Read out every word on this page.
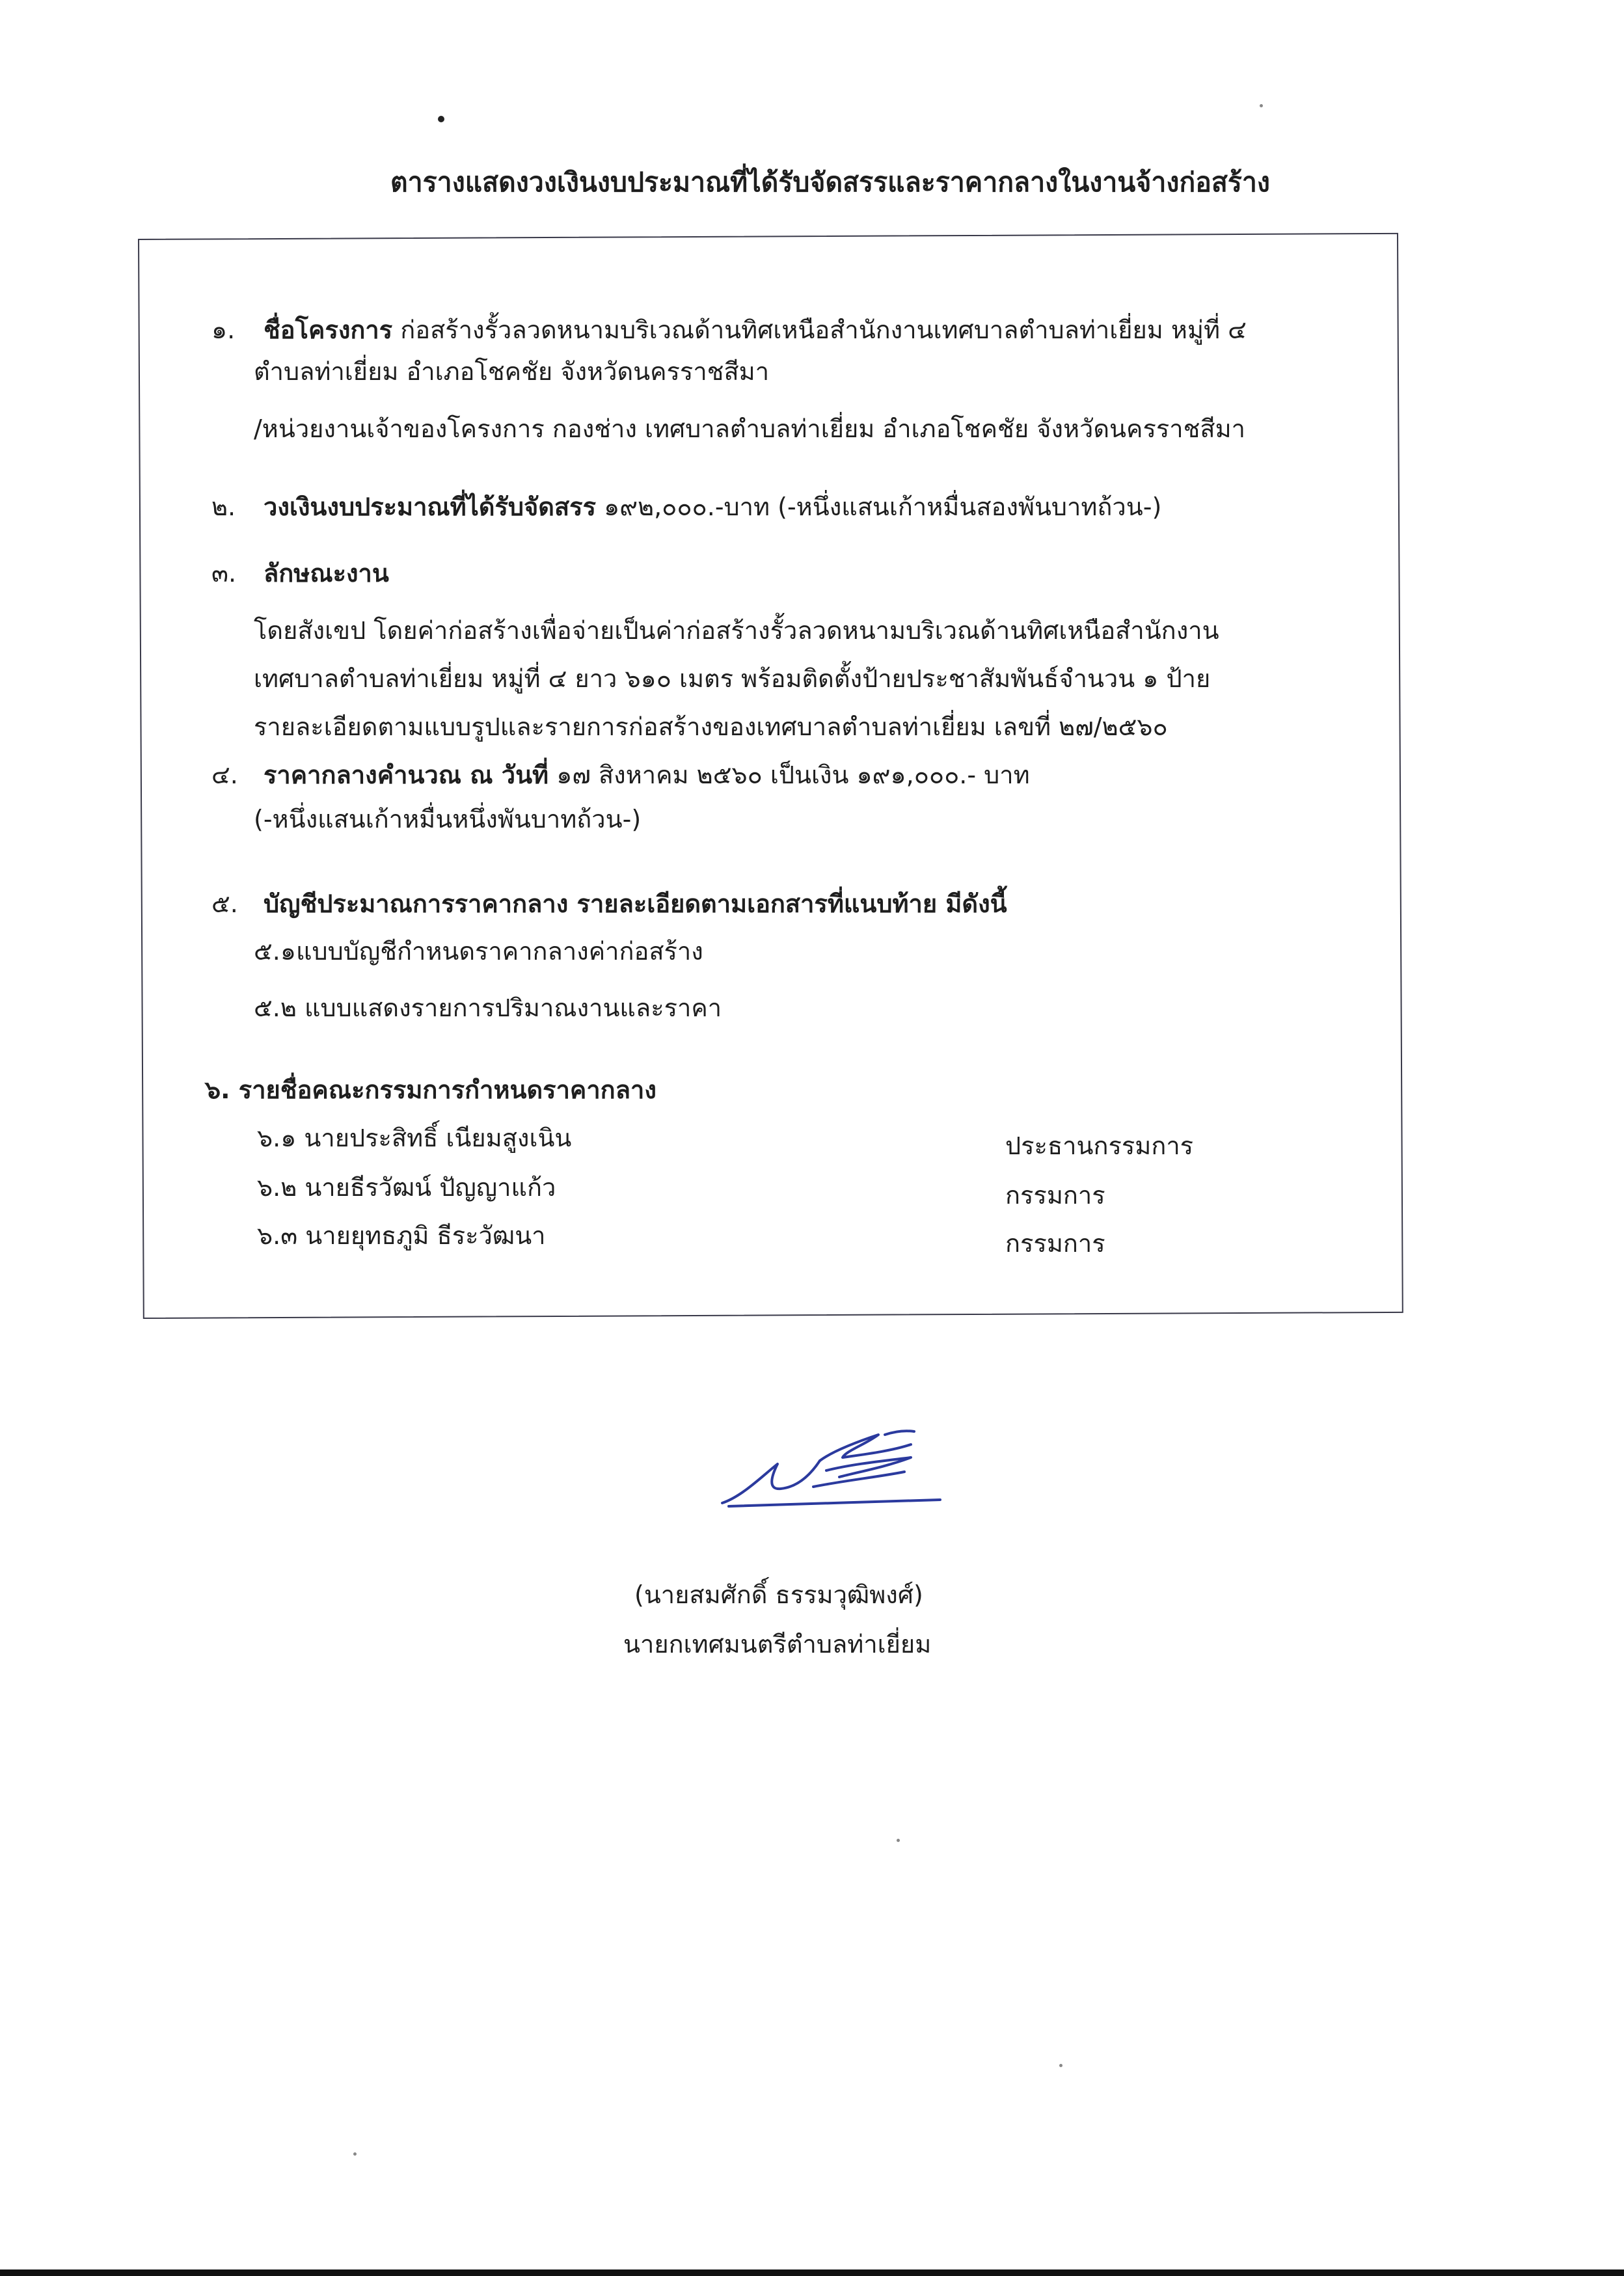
ตารางแสดงวงเงินงบประมาณที่ได้รับจัดสรรและราคากลางในงานจ้างก่อสร้าง
๑. ชื่อโครงการ ก่อสร้างรั้วลวดหนามบริเวณด้านทิศเหนือสำนักงานเทศบาลตำบลท่าเยี่ยม หมู่ที่ ๔
ตำบลท่าเยี่ยม อำเภอโชคชัย จังหวัดนครราชสีมา
/หน่วยงานเจ้าของโครงการ กองช่าง เทศบาลตำบลท่าเยี่ยม อำเภอโชคชัย จังหวัดนครราชสีมา
๒. วงเงินงบประมาณที่ได้รับจัดสรร ๑๙๒,๐๐๐.-บาท (-หนึ่งแสนเก้าหมื่นสองพันบาทถ้วน-)
๓. ลักษณะงาน
โดยสังเขป โดยค่าก่อสร้างเพื่อจ่ายเป็นค่าก่อสร้างรั้วลวดหนามบริเวณด้านทิศเหนือสำนักงาน
เทศบาลตำบลท่าเยี่ยม หมู่ที่ ๔ ยาว ๖๑๐ เมตร พร้อมติดตั้งป้ายประชาสัมพันธ์จำนวน ๑ ป้าย
รายละเอียดตามแบบรูปและรายการก่อสร้างของเทศบาลตำบลท่าเยี่ยม เลขที่ ๒๗/๒๕๖๐
๔. ราคากลางคำนวณ ณ วันที่ ๑๗ สิงหาคม ๒๕๖๐ เป็นเงิน ๑๙๑,๐๐๐.- บาท
(-หนึ่งแสนเก้าหมื่นหนึ่งพันบาทถ้วน-)
๕. บัญชีประมาณการราคากลาง รายละเอียดตามเอกสารที่แนบท้าย มีดังนี้
๕.๑แบบบัญชีกำหนดราคากลางค่าก่อสร้าง
๕.๒ แบบแสดงรายการปริมาณงานและราคา
๖. รายชื่อคณะกรรมการกำหนดราคากลาง
๖.๑ นายประสิทธิ์ เนียมสูงเนิน	ประธานกรรมการ
๖.๒ นายธีรวัฒน์ ปัญญาแก้ว	กรรมการ
๖.๓ นายยุทธภูมิ ธีระวัฒนา	กรรมการ
(นายสมศักดิ์ ธรรมวุฒิพงศ์)
นายกเทศมนตรีตำบลท่าเยี่ยม
